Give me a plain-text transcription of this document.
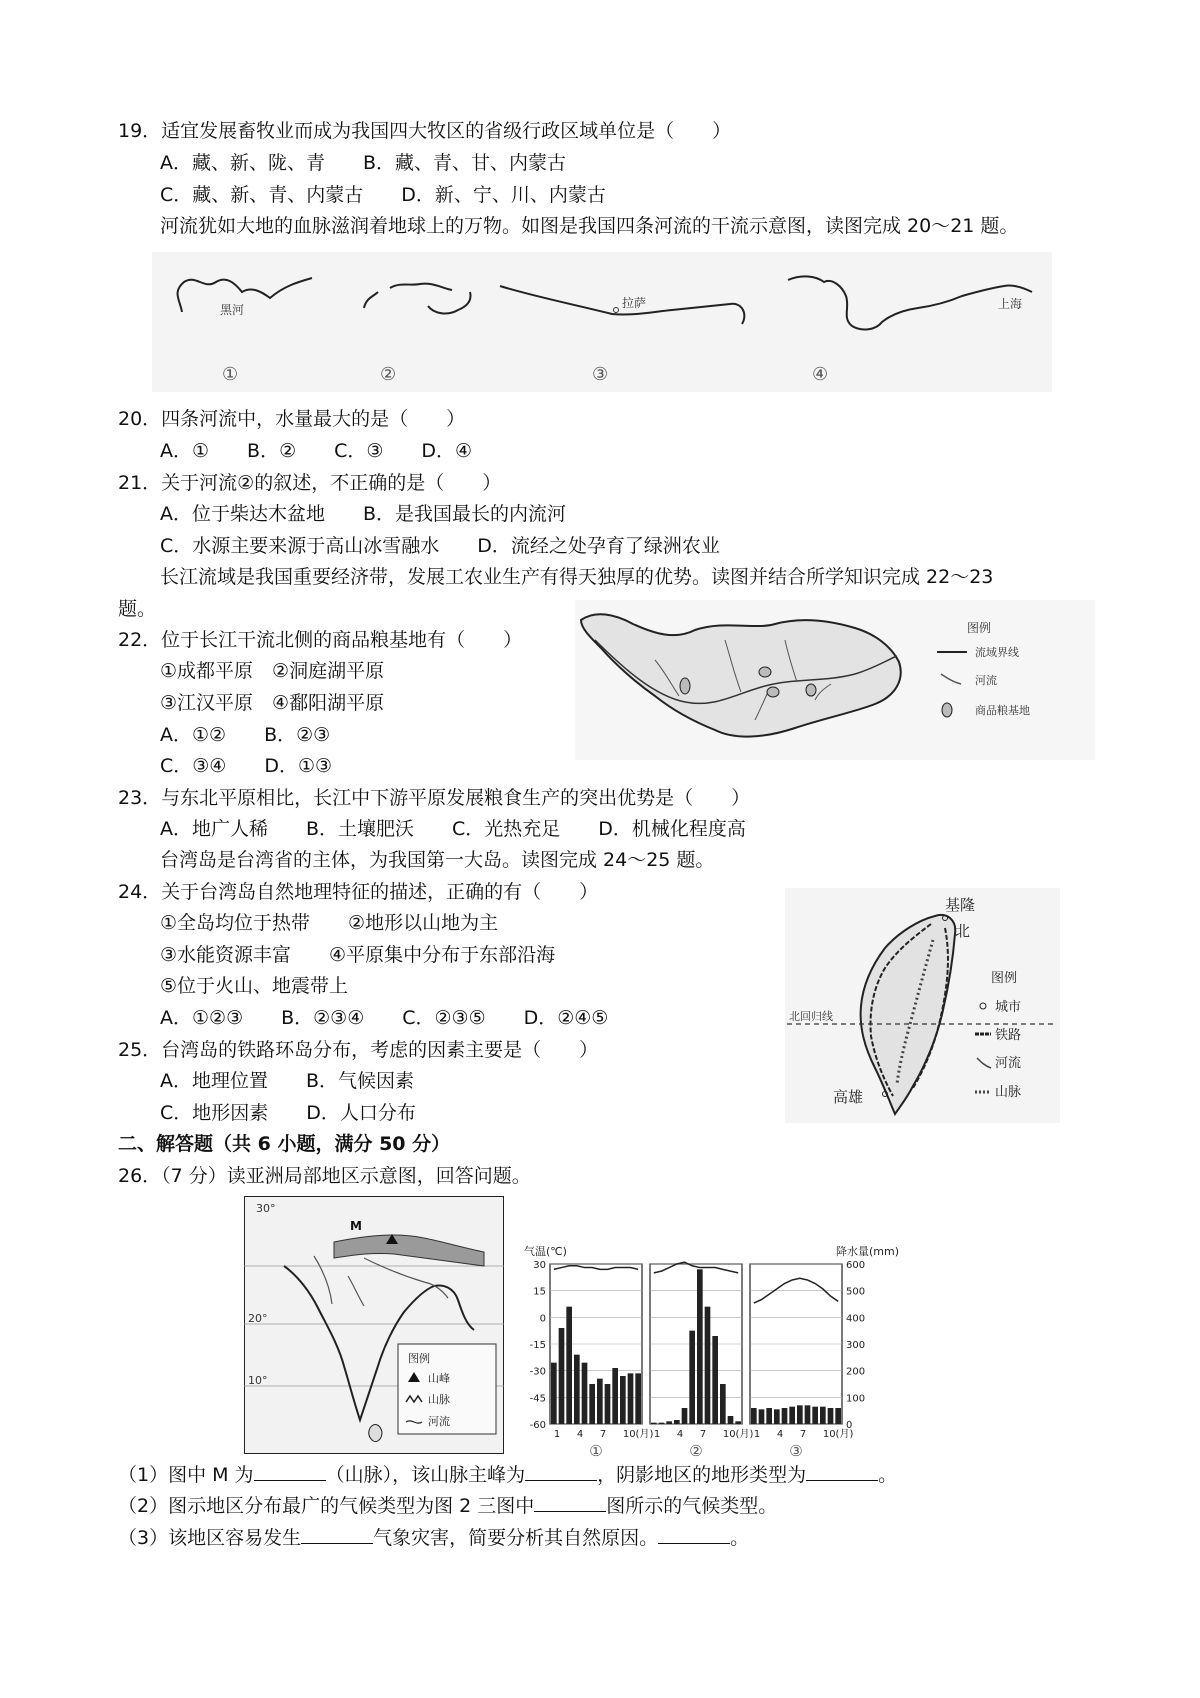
19．适宜发展畜牧业而成为我国四大牧区的省级行政区域单位是（　　）
A．藏、新、陇、青　　B．藏、青、甘、内蒙古
C．藏、新、青、内蒙古　　D．新、宁、川、内蒙古
河流犹如大地的血脉滋润着地球上的万物。如图是我国四条河流的干流示意图，读图完成 20～21 题。
黑河
①	②
拉萨
③
上海
④
20．四条河流中，水量最大的是（　　）
A．①　　B．②　　C．③　　D．④
21．关于河流②的叙述，不正确的是（　　）
A．位于柴达木盆地　　B．是我国最长的内流河
C．水源主要来源于高山冰雪融水　　D．流经之处孕育了绿洲农业
长江流域是我国重要经济带，发展工农业生产有得天独厚的优势。读图并结合所学知识完成 22～23
题。
22．位于长江干流北侧的商品粮基地有（　　）
①成都平原　②洞庭湖平原
③江汉平原　④鄱阳湖平原
A．①②　　B．②③
C．③④　　D．①③
图例
流域界线
河流
商品粮基地
23．与东北平原相比，长江中下游平原发展粮食生产的突出优势是（　　）
A．地广人稀　　B．土壤肥沃　　C．光热充足　　D．机械化程度高
台湾岛是台湾省的主体，为我国第一大岛。读图完成 24～25 题。
24．关于台湾岛自然地理特征的描述，正确的有（　　）
①全岛均位于热带　　②地形以山地为主
③水能资源丰富　　④平原集中分布于东部沿海
⑤位于火山、地震带上
A．①②③　　B．②③④　　C．②③⑤　　D．②④⑤	北回归线
基隆
北
高雄
图例
城市
铁路
河流
山脉
25．台湾岛的铁路环岛分布，考虑的因素主要是（　　）
A．地理位置　　B．气候因素
C．地形因素　　D．人口分布
二、解答题（共 6 小题，满分 50 分）
26．（7 分）读亚洲局部地区示意图，回答问题。
30°
20°
10°
M
图例
山峰
山脉
河流
气温(℃)	降水量(mm)
30
15
0
-15
-30
-45
-60
600
500
400
300
200
100
0
1 4 7 10(月)
①
1 4 7 10(月)
②
1 4 7 10(月)
③
（1）图中 M 为	（山脉），该山脉主峰为	，阴影地区的地形类型为	。
（2）图示地区分布最广的气候类型为图 2 三图中	图所示的气候类型。
（3）该地区容易发生	气象灾害，简要分析其自然原因。	。
